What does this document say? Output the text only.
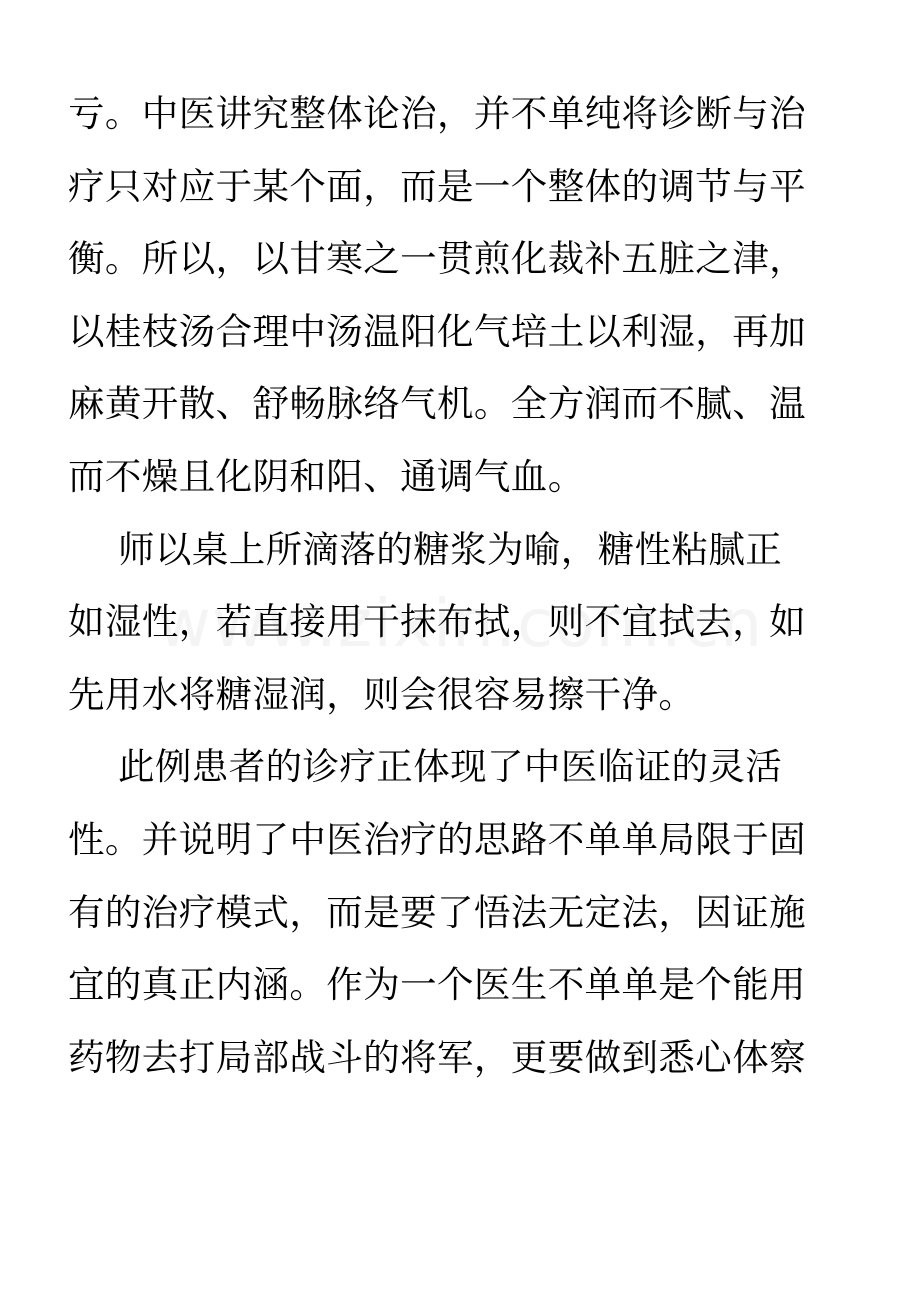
亏。中医讲究整体论治，并不单纯将诊断与治
疗只对应于某个面，而是一个整体的调节与平
衡。所以，以甘寒之一贯煎化裁补五脏之津，
以桂枝汤合理中汤温阳化气培土以利湿，再加
麻黄开散、舒畅脉络气机。全方润而不腻、温
而不燥且化阴和阳、通调气血。
师以桌上所滴落的糖浆为喻，糖性粘腻正
如湿性，若直接用干抹布拭，则不宜拭去，如
先用水将糖湿润，则会很容易擦干净。
此例患者的诊疗正体现了中医临证的灵活
性。并说明了中医治疗的思路不单单局限于固
有的治疗模式，而是要了悟法无定法，因证施
宜的真正内涵。作为一个医生不单单是个能用
药物去打局部战斗的将军，更要做到悉心体察
